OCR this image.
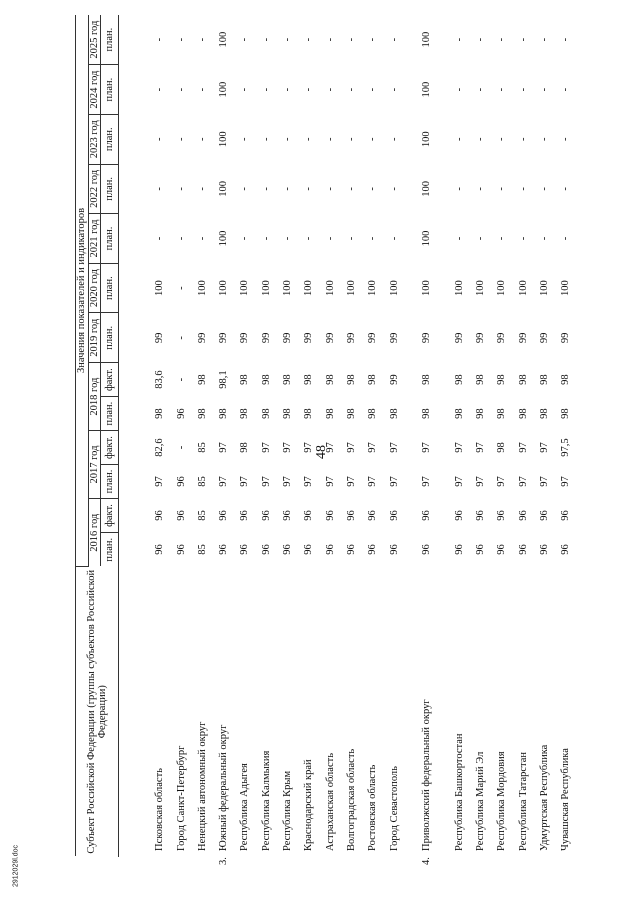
48
2912029l.doc
Субъект Российской Федерации (группы субъектов Российской Федерации)	Значения показателей и индикаторов												
	2016 год		2017 год		2018 год		2019 год	2020 год	2021 год	2022 год	2023 год	2024 год	2025 год
	план.	факт.	план.	факт.	план.	факт.	план.	план.	план.	план.	план.	план.	план.

Псковская область	96	96	97	82,6	98	83,6	99	100	-	-	-	-	-
Город Санкт-Петербург	96	96	96	-	96	-	-	-	-	-	-	-	-
Ненецкий автономный округ	85	85	85	85	98	98	99	100	-	-	-	-	-
3.Южный федеральный округ	96	96	97	97	98	98,1	99	100	100	100	100	100	100
Республика Адыгея	96	96	97	98	98	98	99	100	-	-	-	-	-
Республика Калмыкия	96	96	97	97	98	98	99	100	-	-	-	-	-
Республика Крым	96	96	97	97	98	98	99	100	-	-	-	-	-
Краснодарский край	96	96	97	97	98	98	99	100	-	-	-	-	-
Астраханская область	96	96	97	97	98	98	99	100	-	-	-	-	-
Волгоградская область	96	96	97	97	98	98	99	100	-	-	-	-	-
Ростовская область	96	96	97	97	98	98	99	100	-	-	-	-	-
Город Севастополь	96	96	97	97	98	99	99	100	-	-	-	-	-
4.Приволжский федеральный округ	96	96	97	97	98	98	99	100	100	100	100	100	100
Республика Башкортостан	96	96	97	97	98	98	99	100	-	-	-	-	-
Республика Марий Эл	96	96	97	97	98	98	99	100	-	-	-	-	-
Республика Мордовия	96	96	97	98	98	98	99	100	-	-	-	-	-
Республика Татарстан	96	96	97	97	98	98	99	100	-	-	-	-	-
Удмуртская Республика	96	96	97	97	98	98	99	100	-	-	-	-	-
Чувашская Республика	96	96	97	97,5	98	98	99	100	-	-	-	-	-
